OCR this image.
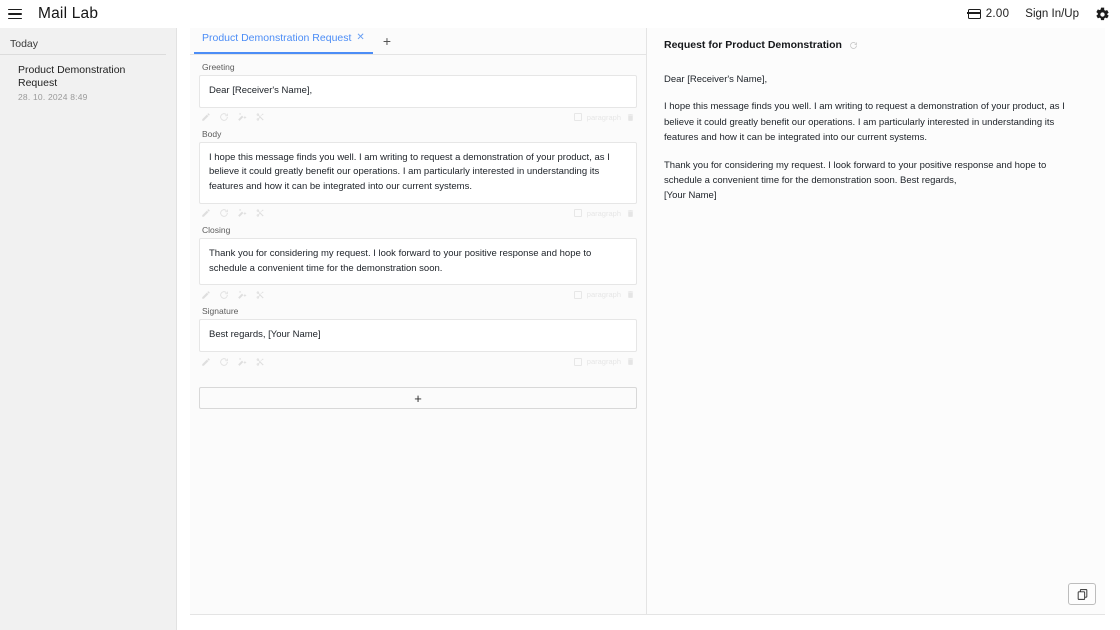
Mail Lab	2.00 Sign In/Up
Today
Product Demonstration Request
28. 10. 2024 8:49
Product Demonstration Request ✕	+
Greeting

Dear [Receiver's Name],

paragraph
Body

I hope this message finds you well. I am writing to request a demonstration of your product, as I believe it could greatly benefit our operations. I am particularly interested in understanding its features and how it can be integrated into our current systems.

paragraph
Closing

Thank you for considering my request. I look forward to your positive response and hope to schedule a convenient time for the demonstration soon.

paragraph
Signature

Best regards, [Your Name]

paragraph
+
Request for Product Demonstration

Dear [Receiver's Name],

I hope this message finds you well. I am writing to request a demonstration of your product, as I believe it could greatly benefit our operations. I am particularly interested in understanding its features and how it can be integrated into our current systems.

Thank you for considering my request. I look forward to your positive response and hope to schedule a convenient time for the demonstration soon. Best regards,

[Your Name]
